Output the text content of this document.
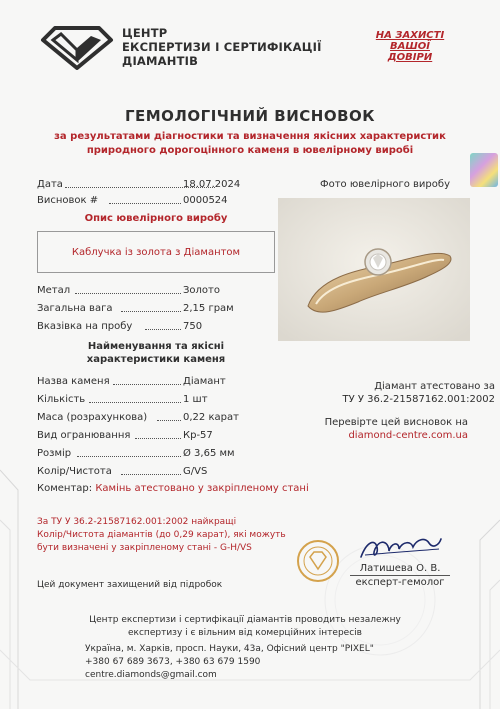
ЦЕНТР
ЕКСПЕРТИЗИ І СЕРТИФІКАЦІЇ
ДІАМАНТІВ
НА ЗАХИСТІ
ВАШОЇ
ДОВІРИ
ГЕМОЛОГІЧНИЙ ВИСНОВОК
за результатами діагностики та визначення якісних характеристик
природного дорогоцінного каменя в ювелірному виробі
Дата	18.07.2024
Висновок #	0000524
Опис ювелірного виробу
Каблучка із золота з Діамантом
Метал	Золото
Загальна вага	2,15 грам
Вказівка на пробу	750
Фото ювелірного виробу
Найменування та якісні
характеристики каменя
Назва каменя	Діамант
Кількість	1 шт
Маса (розрахункова)	0,22 карат
Вид огранювання	Кр-57
Розмір	Ø 3,65 мм
Колір/Чистота	G/VS
Діамант атестовано за
ТУ У 36.2-21587162.001:2002
Перевірте цей висновок на
diamond-centre.com.ua
Коментар: Камінь атестовано у закріпленому стані
За ТУ У 36.2-21587162.001:2002 найкращі
Колір/Чистота діамантів (до 0,29 карат), які можуть
бути визначені у закріпленому стані - G-H/VS
Цей документ захищений від підробок
Латишева О. В.
експерт-гемолог
Центр експертизи і сертифікації діамантів проводить незалежну
експертизу і є вільним від комерційних інтересів
Україна, м. Харків, просп. Науки, 43а, Офісний центр "PIXEL"
+380 67 689 3673, +380 63 679 1590
centre.diamonds@gmail.com
